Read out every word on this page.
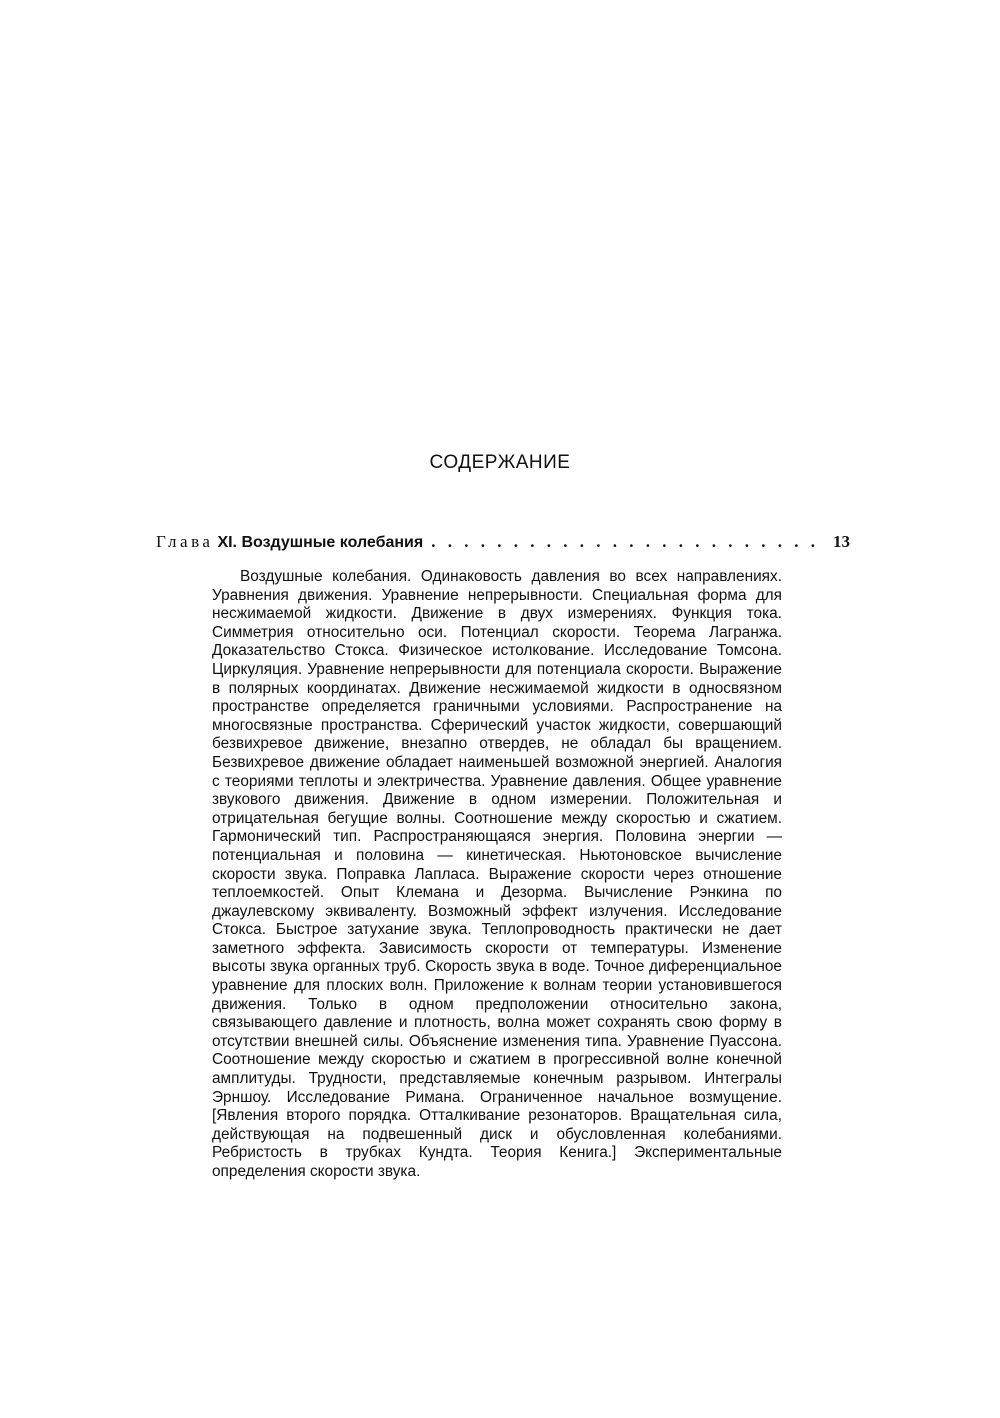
СОДЕРЖАНИЕ
Глава XI. Воздушные колебания
. . .	13

Воздушные колебания. Одинаковость давления во всех направлениях. Уравнения движения. Уравнение непрерывности. Специальная форма для несжимаемой жидкости. Движение в двух измерениях. Функция тока. Симметрия относительно оси. Потенциал скорости. Теорема Лагранжа. Доказательство Стокса. Физическое истолкование. Исследование Томсона. Циркуляция. Уравнение непрерывности для потенциала скорости. Выражение в полярных координатах. Движение несжимаемой жидкости в односвязном пространстве определяется граничными условиями. Распространение на многосвязные пространства. Сферический участок жидкости, совершающий безвихревое движение, внезапно отвердев, не обладал бы вращением. Безвихревое движение обладает наименьшей возможной энергией. Аналогия с теориями теплоты и электричества. Уравнение давления. Общее уравнение звукового движения. Движение в одном измерении. Положительная и отрицательная бегущие волны. Соотношение между скоростью и сжатием. Гармонический тип. Распространяющаяся энергия. Половина энергии — потенциальная и половина — кинетическая. Ньютоновское вычисление скорости звука. Поправка Лапласа. Выражение скорости через отношение теплоемкостей. Опыт Клемана и Дезорма. Вычисление Рэнкина по джаулевскому эквиваленту. Возможный эффект излучения. Исследование Стокса. Быстрое затухание звука. Теплопроводность практически не дает заметного эффекта. Зависимость скорости от температуры. Изменение высоты звука органных труб. Скорость звука в воде. Точное диференциальное уравнение для плоских волн. Приложение к волнам теории установившегося движения. Только в одном предположении относительно закона, связывающего давление и плотность, волна может сохранять свою форму в отсутствии внешней силы. Объяснение изменения типа. Уравнение Пуассона. Соотношение между скоростью и сжатием в прогрессивной волне конечной амплитуды. Трудности, представляемые конечным разрывом. Интегралы Эрншоу. Исследование Римана. Ограниченное начальное возмущение. [Явления второго порядка. Отталкивание резонаторов. Вращательная сила, действующая на подвешенный диск и обусловленная колебаниями. Ребристость в трубках Кундта. Теория Кенига.] Экспериментальные определения скорости звука.
